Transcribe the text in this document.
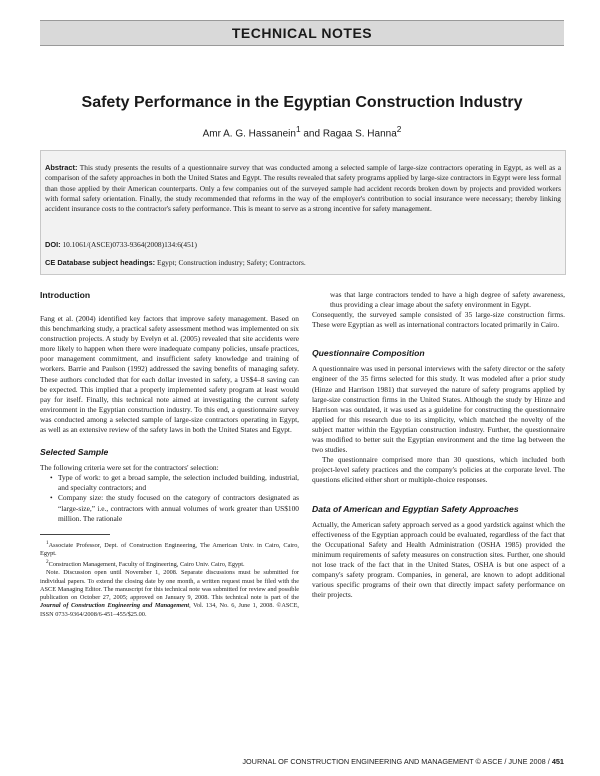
TECHNICAL NOTES
Safety Performance in the Egyptian Construction Industry
Amr A. G. Hassanein$^1$ and Ragaa S. Hanna$^2$

Abstract: This study presents the results of a questionnaire survey that was conducted among a selected sample of large-size contractors operating in Egypt, as well as a comparison of the safety approaches in both the United States and Egypt. The results revealed that safety programs applied by large-size contractors in Egypt were less formal than those applied by their American counterparts. Only a few companies out of the surveyed sample had accident records broken down by projects and provided workers with formal safety orientation. Finally, the study recommended that reforms in the way of the employer's contribution to social insurance were necessary; thereby linking accident insurance costs to the contractor's safety performance. This is meant to serve as a strong incentive for safety management.

DOI: 10.1061/(ASCE)0733-9364(2008)134:6(451)

CE Database subject headings: Egypt; Construction industry; Safety; Contractors.

Introduction

Fang et al. (2004) identified key factors that improve safety management. Based on this benchmarking study, a practical safety assessment method was implemented on six construction projects. A study by Evelyn et al. (2005) revealed that site accidents were more likely to happen when there were inadequate company policies, unsafe practices, poor management commitment, and insufficient safety knowledge and training of workers. Barrie and Paulson (1992) addressed the saving benefits of managing safety. These authors concluded that for each dollar invested in safety, a US$4–8 saving can be expected. This implied that a properly implemented safety program at least would pay for itself. Finally, this technical note aimed at investigating the current safety environment in the Egyptian construction industry. To this end, a questionnaire survey was conducted among a selected sample of large-size contractors operating in Egypt, as well as an extensive review of the safety laws in both the United States and Egypt.

Selected Sample

The following criteria were set for the contractors' selection:

• Type of work: to get a broad sample, the selection included building, industrial, and specialty contractors; and
• Company size: the study focused on the category of contractors designated as “large-size,” i.e., contractors with annual volumes of work greater than US$100 million. The rationale

$^1$Associate Professor, Dept. of Construction Engineering, The American Univ. in Cairo, Cairo, Egypt.

$^2$Construction Management, Faculty of Engineering, Cairo Univ. Cairo, Egypt.

Note. Discussion open until November 1, 2008. Separate discussions must be submitted for individual papers. To extend the closing date by one month, a written request must be filed with the ASCE Managing Editor. The manuscript for this technical note was submitted for review and possible publication on October 27, 2005; approved on January 9, 2008. This technical note is part of the Journal of Construction Engineering and Management, Vol. 134, No. 6, June 1, 2008. ©ASCE, ISSN 0733-9364/2008/6-451–455/$25.00.

was that large contractors tended to have a high degree of safety awareness, thus providing a clear image about the safety environment in Egypt.

Consequently, the surveyed sample consisted of 35 large-size construction firms. These were Egyptian as well as international contractors located primarily in Cairo.

Questionnaire Composition

A questionnaire was used in personal interviews with the safety director or the safety engineer of the 35 firms selected for this study. It was modeled after a prior study (Hinze and Harrison 1981) that surveyed the nature of safety programs applied by large-size construction firms in the United States. Although the study by Hinze and Harrison was outdated, it was used as a guideline for constructing the questionnaire applied for this research due to its simplicity, which matched the novelty of the subject matter within the Egyptian construction industry. Further, the questionnaire was modified to better suit the Egyptian environment and the time lag between the two studies.

The questionnaire comprised more than 30 questions, which included both project-level safety practices and the company's policies at the corporate level. The questions elicited either short or multiple-choice responses.

Data of American and Egyptian Safety Approaches

Actually, the American safety approach served as a good yardstick against which the effectiveness of the Egyptian approach could be evaluated, regardless of the fact that the Occupational Safety and Health Administration (OSHA 1985) provided the minimum requirements of safety measures on construction sites. Further, one should not lose track of the fact that in the United States, OSHA is but one aspect of a company's safety program. Companies, in general, are known to adopt additional various specific programs of their own that directly impact safety performance on their projects.

JOURNAL OF CONSTRUCTION ENGINEERING AND MANAGEMENT © ASCE / JUNE 2008 / 451
